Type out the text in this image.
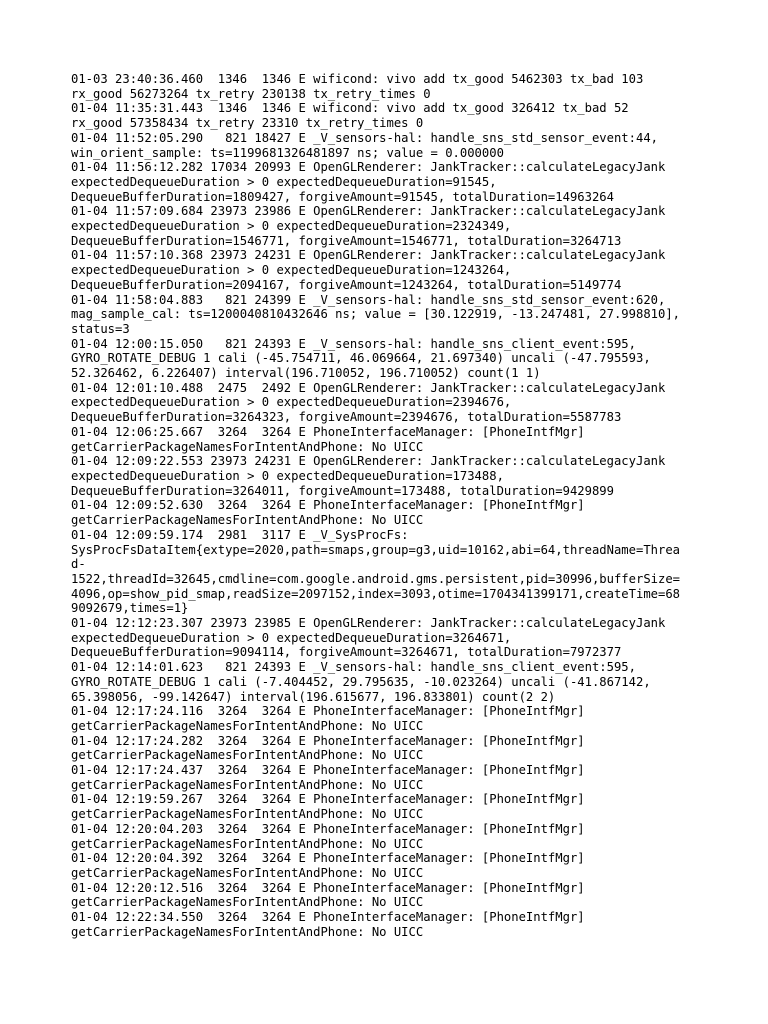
01-03 23:40:36.460  1346  1346 E wificond: vivo add tx_good 5462303 tx_bad 103
rx_good 56273264 tx_retry 230138 tx_retry_times 0

01-04 11:35:31.443  1346  1346 E wificond: vivo add tx_good 326412 tx_bad 52
rx_good 57358434 tx_retry 23310 tx_retry_times 0

01-04 11:52:05.290   821 18427 E _V_sensors-hal: handle_sns_std_sensor_event:44,
win_orient_sample: ts=1199681326481897 ns; value = 0.000000

01-04 11:56:12.282 17034 20993 E OpenGLRenderer: JankTracker::calculateLegacyJank
expectedDequeueDuration > 0 expectedDequeueDuration=91545,
DequeueBufferDuration=1809427, forgiveAmount=91545, totalDuration=14963264

01-04 11:57:09.684 23973 23986 E OpenGLRenderer: JankTracker::calculateLegacyJank
expectedDequeueDuration > 0 expectedDequeueDuration=2324349,
DequeueBufferDuration=1546771, forgiveAmount=1546771, totalDuration=3264713

01-04 11:57:10.368 23973 24231 E OpenGLRenderer: JankTracker::calculateLegacyJank
expectedDequeueDuration > 0 expectedDequeueDuration=1243264,
DequeueBufferDuration=2094167, forgiveAmount=1243264, totalDuration=5149774

01-04 11:58:04.883   821 24399 E _V_sensors-hal: handle_sns_std_sensor_event:620,
mag_sample_cal: ts=1200040810432646 ns; value = [30.122919, -13.247481, 27.998810],
status=3

01-04 12:00:15.050   821 24393 E _V_sensors-hal: handle_sns_client_event:595,
GYRO_ROTATE_DEBUG 1 cali (-45.754711, 46.069664, 21.697340) uncali (-47.795593,
52.326462, 6.226407) interval(196.710052, 196.710052) count(1 1)

01-04 12:01:10.488  2475  2492 E OpenGLRenderer: JankTracker::calculateLegacyJank
expectedDequeueDuration > 0 expectedDequeueDuration=2394676,
DequeueBufferDuration=3264323, forgiveAmount=2394676, totalDuration=5587783

01-04 12:06:25.667  3264  3264 E PhoneInterfaceManager: [PhoneIntfMgr]
getCarrierPackageNamesForIntentAndPhone: No UICC

01-04 12:09:22.553 23973 24231 E OpenGLRenderer: JankTracker::calculateLegacyJank
expectedDequeueDuration > 0 expectedDequeueDuration=173488,
DequeueBufferDuration=3264011, forgiveAmount=173488, totalDuration=9429899

01-04 12:09:52.630  3264  3264 E PhoneInterfaceManager: [PhoneIntfMgr]
getCarrierPackageNamesForIntentAndPhone: No UICC

01-04 12:09:59.174  2981  3117 E _V_SysProcFs:
SysProcFsDataItem{extype=2020,path=smaps,group=g3,uid=10162,abi=64,threadName=Threa
d-
1522,threadId=32645,cmdline=com.google.android.gms.persistent,pid=30996,bufferSize=
4096,op=show_pid_smap,readSize=2097152,index=3093,otime=1704341399171,createTime=68
9092679,times=1}

01-04 12:12:23.307 23973 23985 E OpenGLRenderer: JankTracker::calculateLegacyJank
expectedDequeueDuration > 0 expectedDequeueDuration=3264671,
DequeueBufferDuration=9094114, forgiveAmount=3264671, totalDuration=7972377

01-04 12:14:01.623   821 24393 E _V_sensors-hal: handle_sns_client_event:595,
GYRO_ROTATE_DEBUG 1 cali (-7.404452, 29.795635, -10.023264) uncali (-41.867142,
65.398056, -99.142647) interval(196.615677, 196.833801) count(2 2)

01-04 12:17:24.116  3264  3264 E PhoneInterfaceManager: [PhoneIntfMgr]
getCarrierPackageNamesForIntentAndPhone: No UICC

01-04 12:17:24.282  3264  3264 E PhoneInterfaceManager: [PhoneIntfMgr]
getCarrierPackageNamesForIntentAndPhone: No UICC

01-04 12:17:24.437  3264  3264 E PhoneInterfaceManager: [PhoneIntfMgr]
getCarrierPackageNamesForIntentAndPhone: No UICC

01-04 12:19:59.267  3264  3264 E PhoneInterfaceManager: [PhoneIntfMgr]
getCarrierPackageNamesForIntentAndPhone: No UICC

01-04 12:20:04.203  3264  3264 E PhoneInterfaceManager: [PhoneIntfMgr]
getCarrierPackageNamesForIntentAndPhone: No UICC

01-04 12:20:04.392  3264  3264 E PhoneInterfaceManager: [PhoneIntfMgr]
getCarrierPackageNamesForIntentAndPhone: No UICC

01-04 12:20:12.516  3264  3264 E PhoneInterfaceManager: [PhoneIntfMgr]
getCarrierPackageNamesForIntentAndPhone: No UICC

01-04 12:22:34.550  3264  3264 E PhoneInterfaceManager: [PhoneIntfMgr]
getCarrierPackageNamesForIntentAndPhone: No UICC
